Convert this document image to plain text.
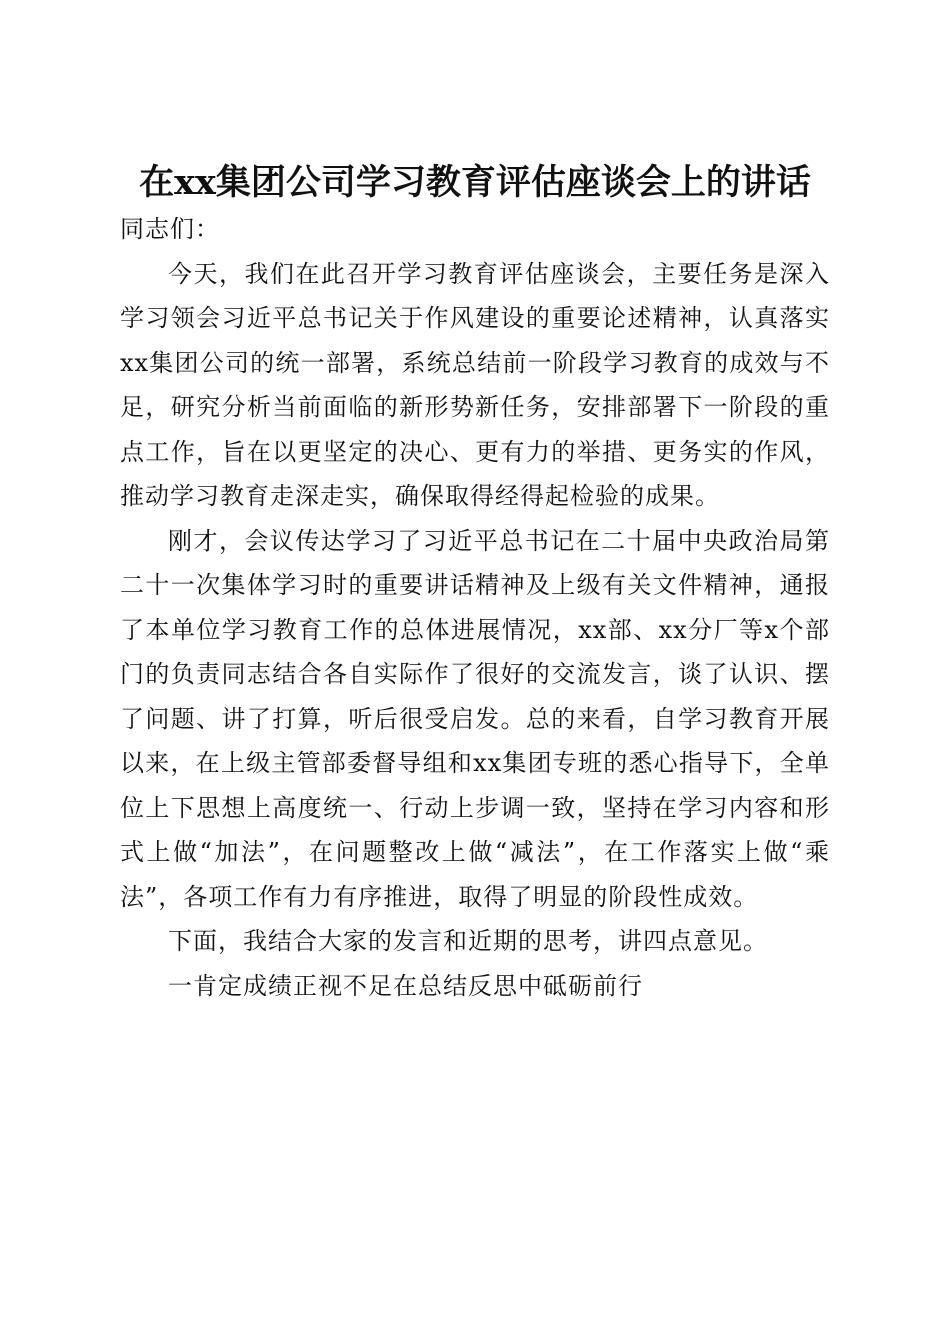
在xx集团公司学习教育评估座谈会上的讲话

同志们：

今天，我们在此召开学习教育评估座谈会，主要任务是深入学习领会习近平总书记关于作风建设的重要论述精神，认真落实xx集团公司的统一部署，系统总结前一阶段学习教育的成效与不足，研究分析当前面临的新形势新任务，安排部署下一阶段的重点工作，旨在以更坚定的决心、更有力的举措、更务实的作风，推动学习教育走深走实，确保取得经得起检验的成果。

刚才，会议传达学习了习近平总书记在二十届中央政治局第二十一次集体学习时的重要讲话精神及上级有关文件精神，通报了本单位学习教育工作的总体进展情况，xx部、xx分厂等x个部门的负责同志结合各自实际作了很好的交流发言，谈了认识、摆了问题、讲了打算，听后很受启发。总的来看，自学习教育开展以来，在上级主管部委督导组和xx集团专班的悉心指导下，全单位上下思想上高度统一、行动上步调一致，坚持在学习内容和形式上做“加法”，在问题整改上做“减法”，在工作落实上做“乘法”，各项工作有力有序推进，取得了明显的阶段性成效。

下面，我结合大家的发言和近期的思考，讲四点意见。

一肯定成绩正视不足在总结反思中砥砺前行
